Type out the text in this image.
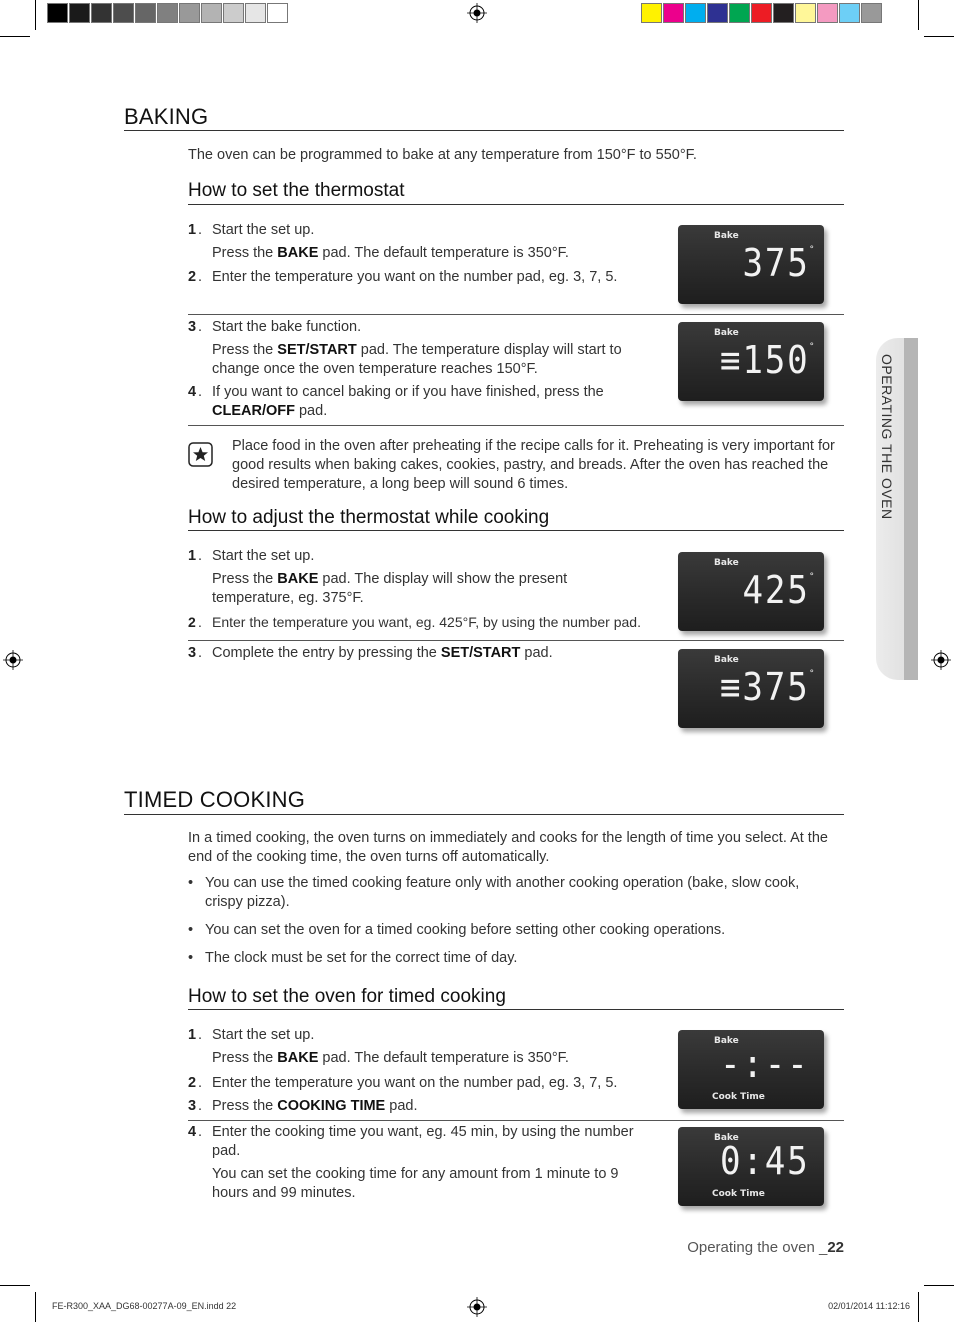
OPERATING THE OVEN
BAKING

The oven can be programmed to bake at any temperature from 150°F to 550°F.

How to set the thermostat
1 . Start the set up.

Press the BAKE pad. The default temperature is 350°F.

2 . Enter the temperature you want on the number pad, eg. 3, 7, 5.

3 . Start the bake function.

Press the SET/START pad. The temperature display will start to change once the oven temperature reaches 150°F.

4 . If you want to cancel baking or if you have finished, press the CLEAR/OFF pad.

Place food in the oven after preheating if the recipe calls for it. Preheating is very important for good results when baking cakes, cookies, pastry, and breads. After the oven has reached the desired temperature, a long beep will sound 6 times.

How to adjust the thermostat while cooking
1 . Start the set up.

Press the BAKE pad. The display will show the present temperature, eg. 375°F.

2 . Enter the temperature you want, eg. 425°F, by using the number pad.

3 . Complete the entry by pressing the SET/START pad.

Bake
375 °
Bake
≡150 °
Bake
425 °
Bake
≡375 °
TIMED COOKING

In a timed cooking, the oven turns on immediately and cooks for the length of time you select. At the end of the cooking time, the oven turns off automatically.

• You can use the timed cooking feature only with another cooking operation (bake, slow cook, crispy pizza).
• You can set the oven for a timed cooking before setting other cooking operations.
• The clock must be set for the correct time of day.
How to set the oven for timed cooking
1 . Start the set up.

Press the BAKE pad. The default temperature is 350°F.

2 . Enter the temperature you want on the number pad, eg. 3, 7, 5.

3 . Press the COOKING TIME pad.

4 . Enter the cooking time you want, eg. 45 min, by using the number pad.

You can set the cooking time for any amount from 1 minute to 9 hours and 99 minutes.

Bake
-:--
Cook Time
Bake
0:45
Cook Time
Operating the oven _22
FE-R300_XAA_DG68-00277A-09_EN.indd 22	02/01/2014 11:12:16
